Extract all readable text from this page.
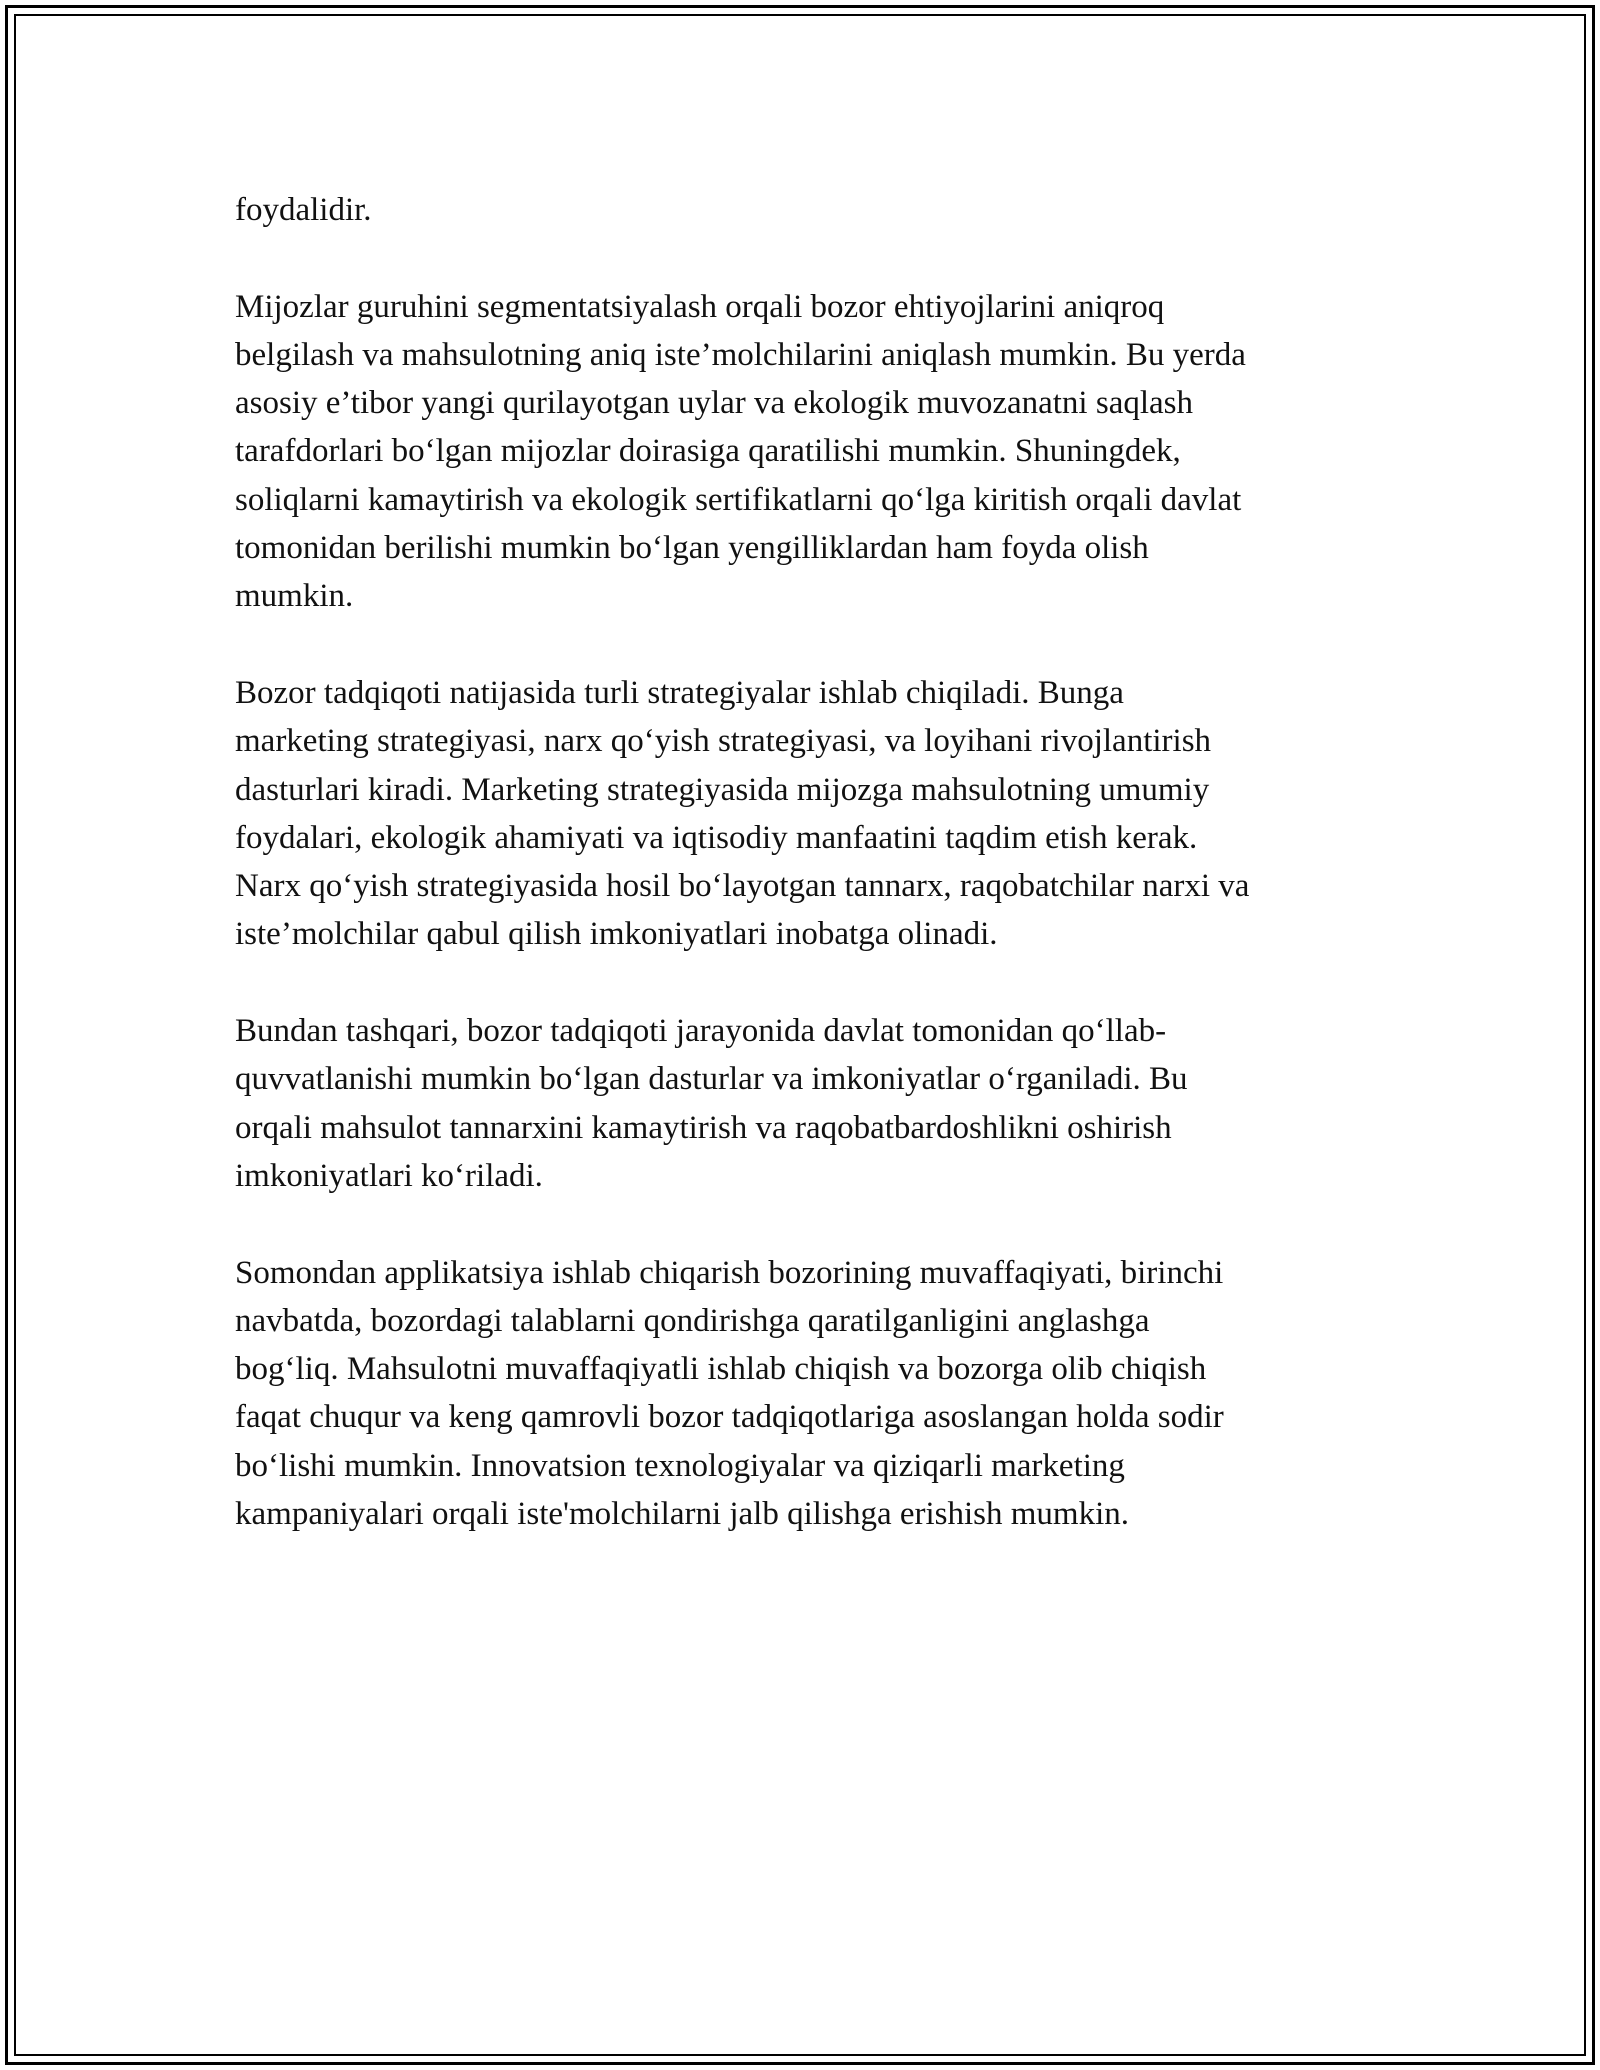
foydalidir.
Mijozlar guruhini segmentatsiyalash orqali bozor ehtiyojlarini aniqroq
belgilash va mahsulotning aniq iste’molchilarini aniqlash mumkin. Bu yerda
asosiy e’tibor yangi qurilayotgan uylar va ekologik muvozanatni saqlash
tarafdorlari bo‘lgan mijozlar doirasiga qaratilishi mumkin. Shuningdek,
soliqlarni kamaytirish va ekologik sertifikatlarni qo‘lga kiritish orqali davlat
tomonidan berilishi mumkin bo‘lgan yengilliklardan ham foyda olish
mumkin.
Bozor tadqiqoti natijasida turli strategiyalar ishlab chiqiladi. Bunga
marketing strategiyasi, narx qo‘yish strategiyasi, va loyihani rivojlantirish
dasturlari kiradi. Marketing strategiyasida mijozga mahsulotning umumiy
foydalari, ekologik ahamiyati va iqtisodiy manfaatini taqdim etish kerak.
Narx qo‘yish strategiyasida hosil bo‘layotgan tannarx, raqobatchilar narxi va
iste’molchilar qabul qilish imkoniyatlari inobatga olinadi.
Bundan tashqari, bozor tadqiqoti jarayonida davlat tomonidan qo‘llab-
quvvatlanishi mumkin bo‘lgan dasturlar va imkoniyatlar o‘rganiladi. Bu
orqali mahsulot tannarxini kamaytirish va raqobatbardoshlikni oshirish
imkoniyatlari ko‘riladi.
Somondan applikatsiya ishlab chiqarish bozorining muvaffaqiyati, birinchi
navbatda, bozordagi talablarni qondirishga qaratilganligini anglashga
bog‘liq. Mahsulotni muvaffaqiyatli ishlab chiqish va bozorga olib chiqish
faqat chuqur va keng qamrovli bozor tadqiqotlariga asoslangan holda sodir
bo‘lishi mumkin. Innovatsion texnologiyalar va qiziqarli marketing
kampaniyalari orqali iste'molchilarni jalb qilishga erishish mumkin.
